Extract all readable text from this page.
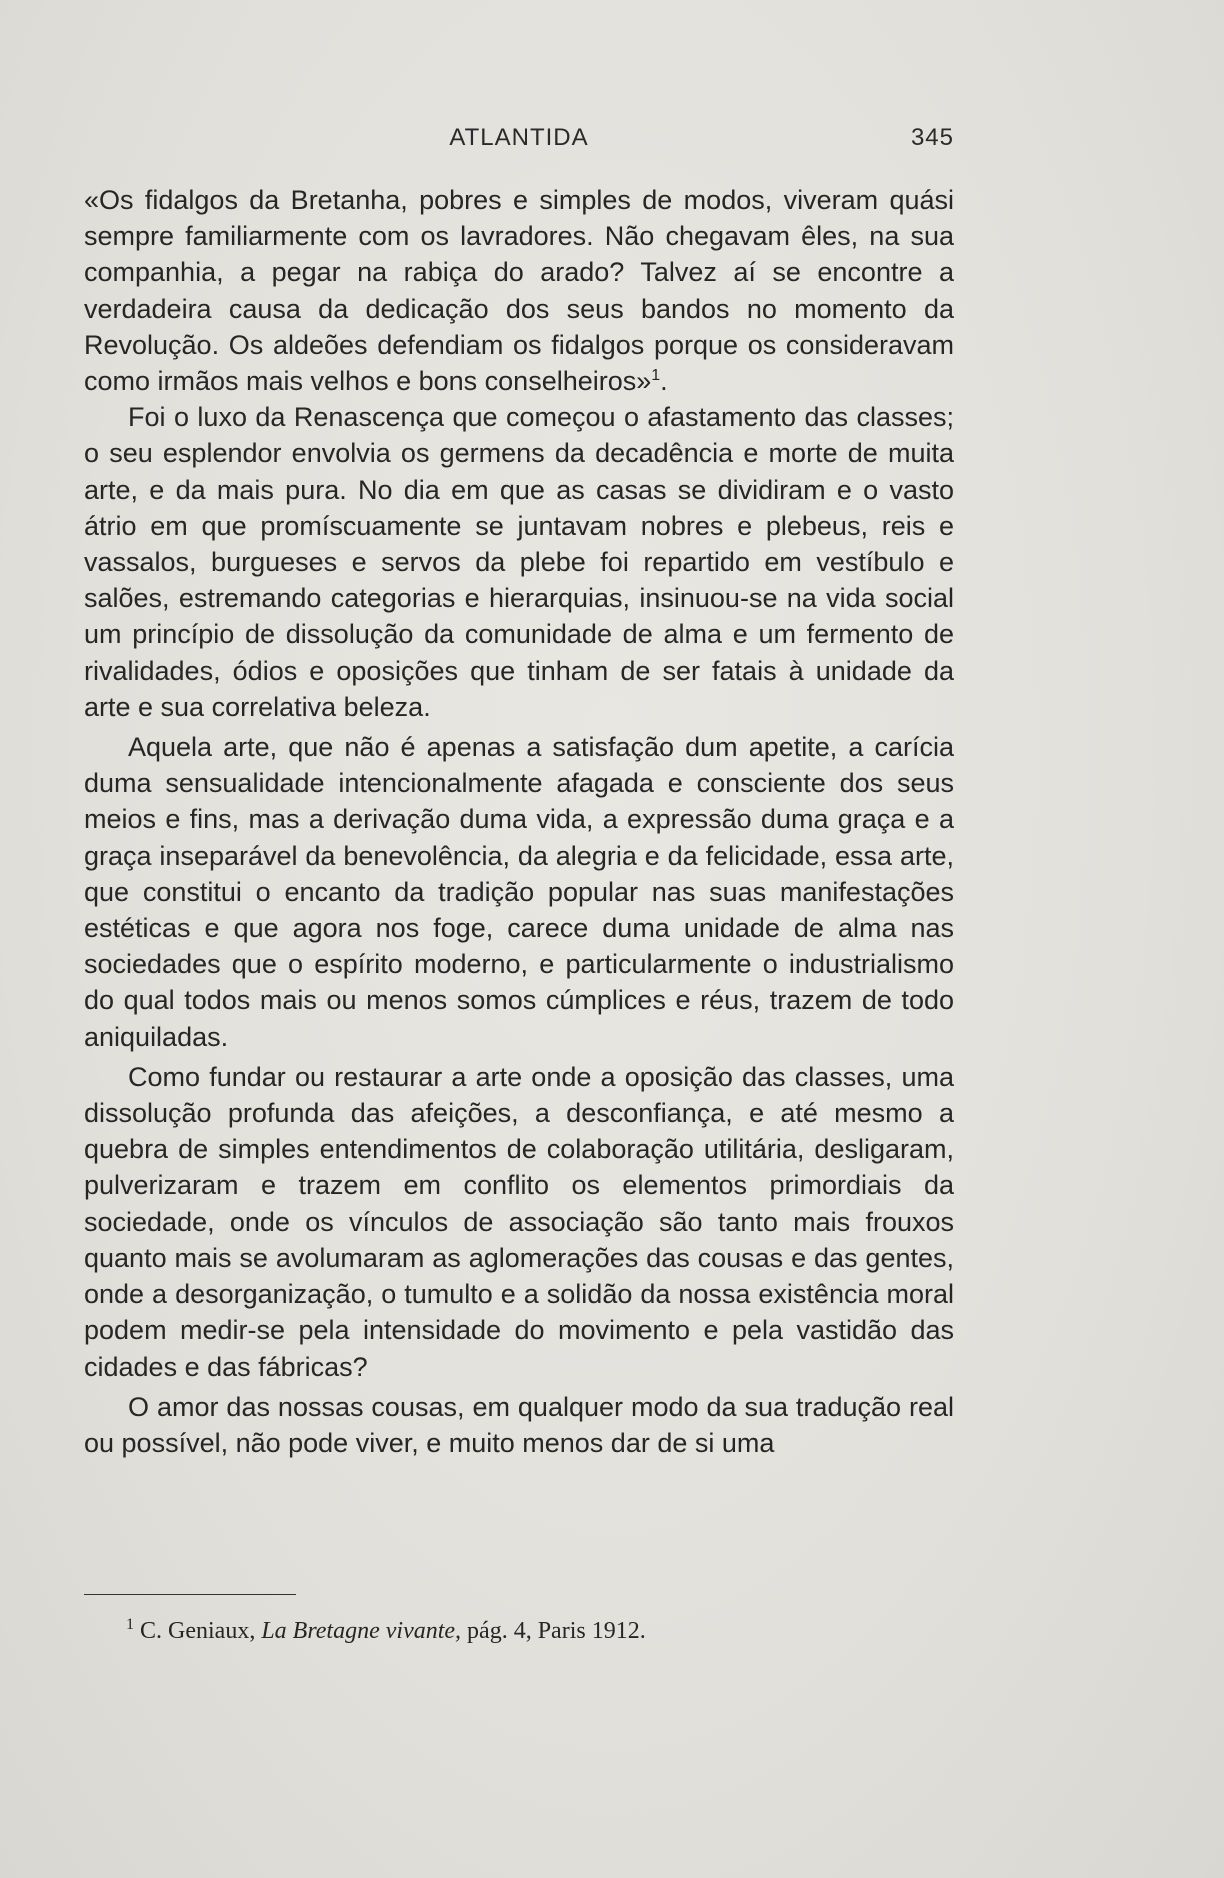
ATLANTIDA	345

«Os fidalgos da Bretanha, pobres e simples de modos, viveram quási sempre familiarmente com os lavradores. Não chegavam êles, na sua companhia, a pegar na rabiça do arado? Talvez aí se encontre a verdadeira causa da dedicação dos seus bandos no momento da Revolução. Os aldeões defendiam os fidalgos porque os consideravam como irmãos mais velhos e bons conselheiros»$^1$.

Foi o luxo da Renascença que começou o afastamento das classes; o seu esplendor envolvia os germens da decadência e morte de muita arte, e da mais pura. No dia em que as casas se dividiram e o vasto átrio em que promíscuamente se juntavam nobres e plebeus, reis e vassalos, burgueses e servos da plebe foi repartido em vestíbulo e salões, estremando categorias e hierarquias, insinuou-se na vida social um princípio de dissolução da comunidade de alma e um fermento de rivalidades, ódios e oposições que tinham de ser fatais à unidade da arte e sua correlativa beleza.

Aquela arte, que não é apenas a satisfação dum apetite, a carícia duma sensualidade intencionalmente afagada e consciente dos seus meios e fins, mas a derivação duma vida, a expressão duma graça e a graça inseparável da benevolência, da alegria e da felicidade, essa arte, que constitui o encanto da tradição popular nas suas manifestações estéticas e que agora nos foge, carece duma unidade de alma nas sociedades que o espírito moderno, e particularmente o industrialismo do qual todos mais ou menos somos cúmplices e réus, trazem de todo aniquiladas.

Como fundar ou restaurar a arte onde a oposição das classes, uma dissolução profunda das afeições, a desconfiança, e até mesmo a quebra de simples entendimentos de colaboração utilitária, desligaram, pulverizaram e trazem em conflito os elementos primordiais da sociedade, onde os vínculos de associação são tanto mais frouxos quanto mais se avolumaram as aglomerações das cousas e das gentes, onde a desorganização, o tumulto e a solidão da nossa existência moral podem medir-se pela intensidade do movimento e pela vastidão das cidades e das fábricas?

O amor das nossas cousas, em qualquer modo da sua tradução real ou possível, não pode viver, e muito menos dar de si uma

$^1$ C. Geniaux, La Bretagne vivante, pág. 4, Paris 1912.
